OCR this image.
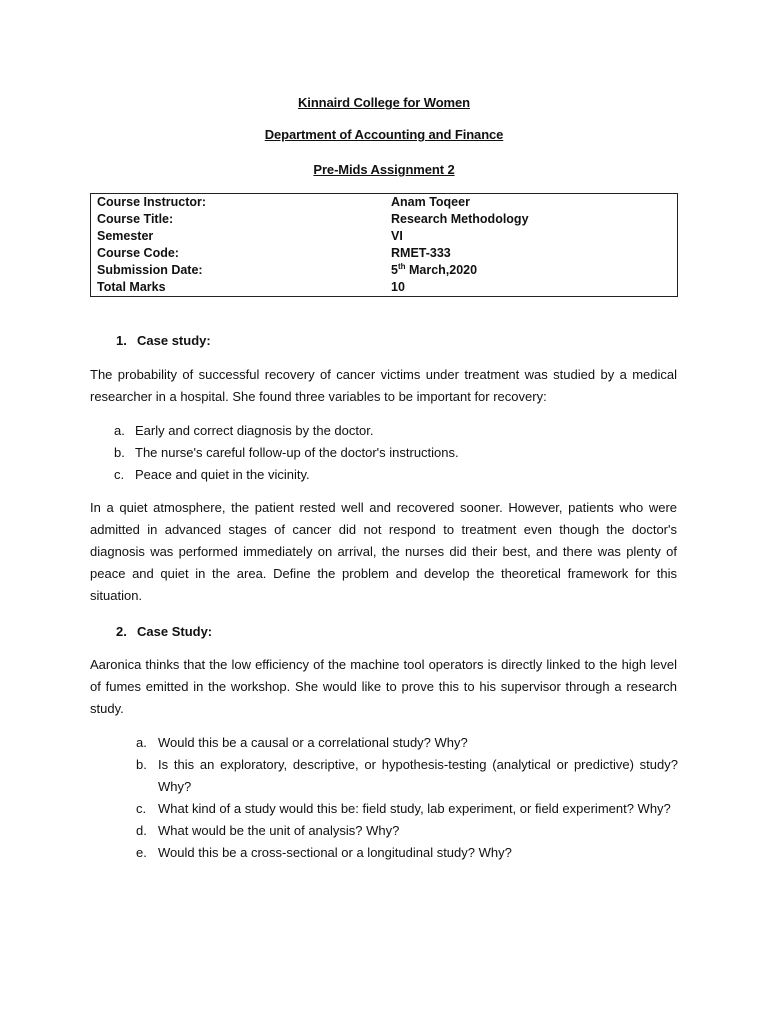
Kinnaird College for Women
Department of Accounting and Finance
Pre-Mids Assignment 2
Course Instructor:	Anam Toqeer
Course Title:	Research Methodology
Semester	VI
Course Code:	RMET-333
Submission Date:	5th March,2020
Total Marks	10
1. Case study:
The probability of successful recovery of cancer victims under treatment was studied by a medical researcher in a hospital. She found three variables to be important for recovery:
a. Early and correct diagnosis by the doctor.
b. The nurse's careful follow-up of the doctor's instructions.
c. Peace and quiet in the vicinity.
In a quiet atmosphere, the patient rested well and recovered sooner. However, patients who were admitted in advanced stages of cancer did not respond to treatment even though the doctor's diagnosis was performed immediately on arrival, the nurses did their best, and there was plenty of peace and quiet in the area. Define the problem and develop the theoretical framework for this situation.
2. Case Study:
Aaronica thinks that the low efficiency of the machine tool operators is directly linked to the high level of fumes emitted in the workshop. She would like to prove this to his supervisor through a research study.
a. Would this be a causal or a correlational study? Why?
b. Is this an exploratory, descriptive, or hypothesis-testing (analytical or predictive) study? Why?
c. What kind of a study would this be: field study, lab experiment, or field experiment? Why?
d. What would be the unit of analysis? Why?
e. Would this be a cross-sectional or a longitudinal study? Why?
